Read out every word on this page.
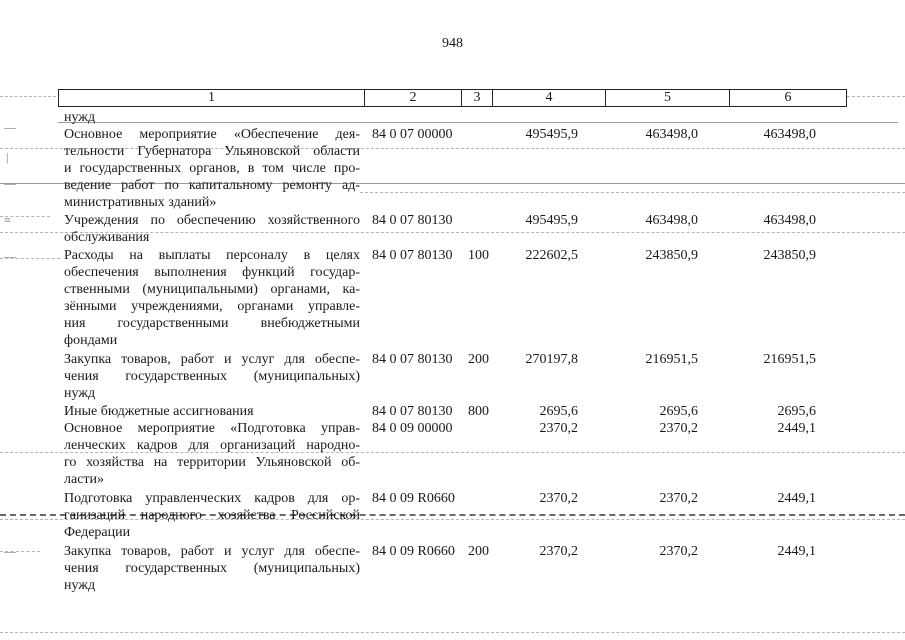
—
|
—
≡
—
—
948
1	2	3	4	5	6
нужд
Основное мероприятие «Обеспечение дея-
тельности Губернатора Ульяновской области
и государственных органов, в том числе про-
ведение работ по капитальному ремонту ад-
министративных зданий»
84 0 07 00000	495495,9	463498,0	463498,0
Учреждения по обеспечению хозяйственного
обслуживания
84 0 07 80130	495495,9	463498,0	463498,0
Расходы на выплаты персоналу в целях
обеспечения выполнения функций государ-
ственными (муниципальными) органами, ка-
зёнными учреждениями, органами управле-
ния государственными внебюджетными
фондами
84 0 07 80130 100	222602,5	243850,9	243850,9
Закупка товаров, работ и услуг для обеспе-
чения государственных (муниципальных)
нужд
84 0 07 80130 200	270197,8	216951,5	216951,5
Иные бюджетные ассигнования	84 0 07 80130 800	2695,6	2695,6	2695,6
Основное мероприятие «Подготовка управ-
ленческих кадров для организаций народно-
го хозяйства на территории Ульяновской об-
ласти»
84 0 09 00000	2370,2	2370,2	2449,1
Подготовка управленческих кадров для ор-
ганизаций народного хозяйства Российской
Федерации
84 0 09 R0660	2370,2	2370,2	2449,1
Закупка товаров, работ и услуг для обеспе-
чения государственных (муниципальных)
нужд
84 0 09 R0660 200	2370,2	2370,2	2449,1
